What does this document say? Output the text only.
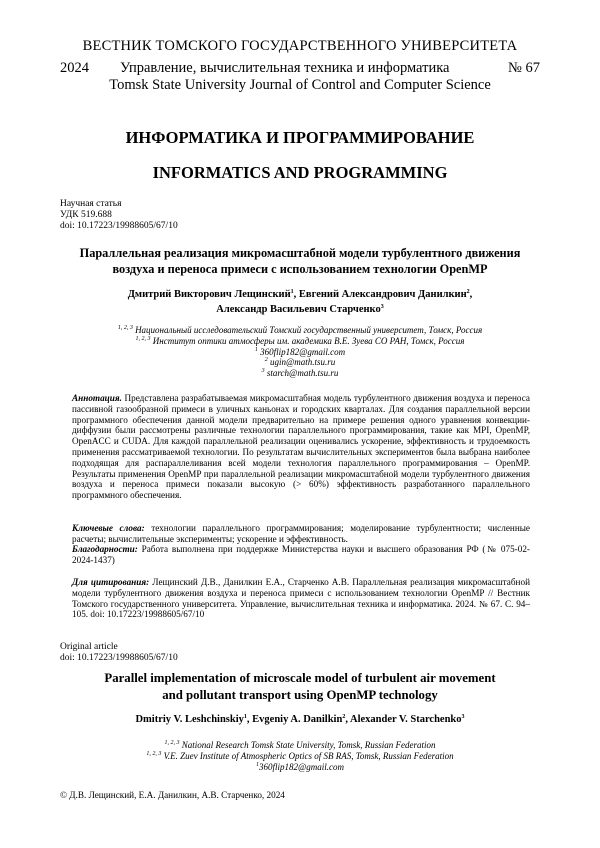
ВЕСТНИК ТОМСКОГО ГОСУДАРСТВЕННОГО УНИВЕРСИТЕТА
2024 Управление, вычислительная техника и информатика	№ 67
Tomsk State University Journal of Control and Computer Science
ИНФОРМАТИКА И ПРОГРАММИРОВАНИЕ
INFORMATICS AND PROGRAMMING
Научная статья
УДК 519.688
doi: 10.17223/19988605/67/10
Параллельная реализация микромасштабной модели турбулентного движения
воздуха и переноса примеси с использованием технологии OpenMP
Дмитрий Викторович Лещинский$^1$, Евгений Александрович Данилкин$^2$,
Александр Васильевич Старченко$^3$
$^{1, 2, 3}$ Национальный исследовательский Томский государственный университет, Томск, Россия
$^{1, 2, 3}$ Институт оптики атмосферы им. академика В.Е. Зуева СО РАН, Томск, Россия
$^1$ 360flip182@gmail.com
$^2$ ugin@math.tsu.ru
$^3$ starch@math.tsu.ru
Аннотация. Представлена разрабатываемая микромасштабная модель турбулентного движения воздуха и переноса пассивной газообразной примеси в уличных каньонах и городских кварталах. Для создания параллельной версии программного обеспечения данной модели предварительно на примере решения одного уравнения конвекции-диффузии были рассмотрены различные технологии параллельного программирования, такие как MPI, OpenMP, OpenACC и CUDA. Для каждой параллельной реализации оценивались ускорение, эффективность и трудоемкость применения рассматриваемой технологии. По результатам вычислительных экспериментов была выбрана наиболее подходящая для распараллеливания всей модели технология параллельного программирования – OpenMP. Результаты применения OpenMP при параллельной реализации микромасштабной модели турбулентного движения воздуха и переноса примеси показали высокую (> 60%) эффективность разработанного параллельного программного обеспечения.
Ключевые слова: технологии параллельного программирования; моделирование турбулентности; численные расчеты; вычислительные эксперименты; ускорение и эффективность.
Благодарности: Работа выполнена при поддержке Министерства науки и высшего образования РФ (№ 075-02-2024-1437)
Для цитирования: Лещинский Д.В., Данилкин Е.А., Старченко А.В. Параллельная реализация микромасштабной модели турбулентного движения воздуха и переноса примеси с использованием технологии OpenMP // Вестник Томского государственного университета. Управление, вычислительная техника и информатика. 2024. № 67. С. 94–105. doi: 10.17223/19988605/67/10
Original article
doi: 10.17223/19988605/67/10
Parallel implementation of microscale model of turbulent air movement
and pollutant transport using OpenMP technology
Dmitriy V. Leshchinskiy$^1$, Evgeniy A. Danilkin$^2$, Alexander V. Starchenko$^3$
$^{1, 2, 3}$ National Research Tomsk State University, Tomsk, Russian Federation
$^{1, 2, 3}$ V.E. Zuev Institute of Atmospheric Optics of SB RAS, Tomsk, Russian Federation
$^1$360flip182@gmail.com
© Д.В. Лещинский, Е.А. Данилкин, А.В. Старченко, 2024
